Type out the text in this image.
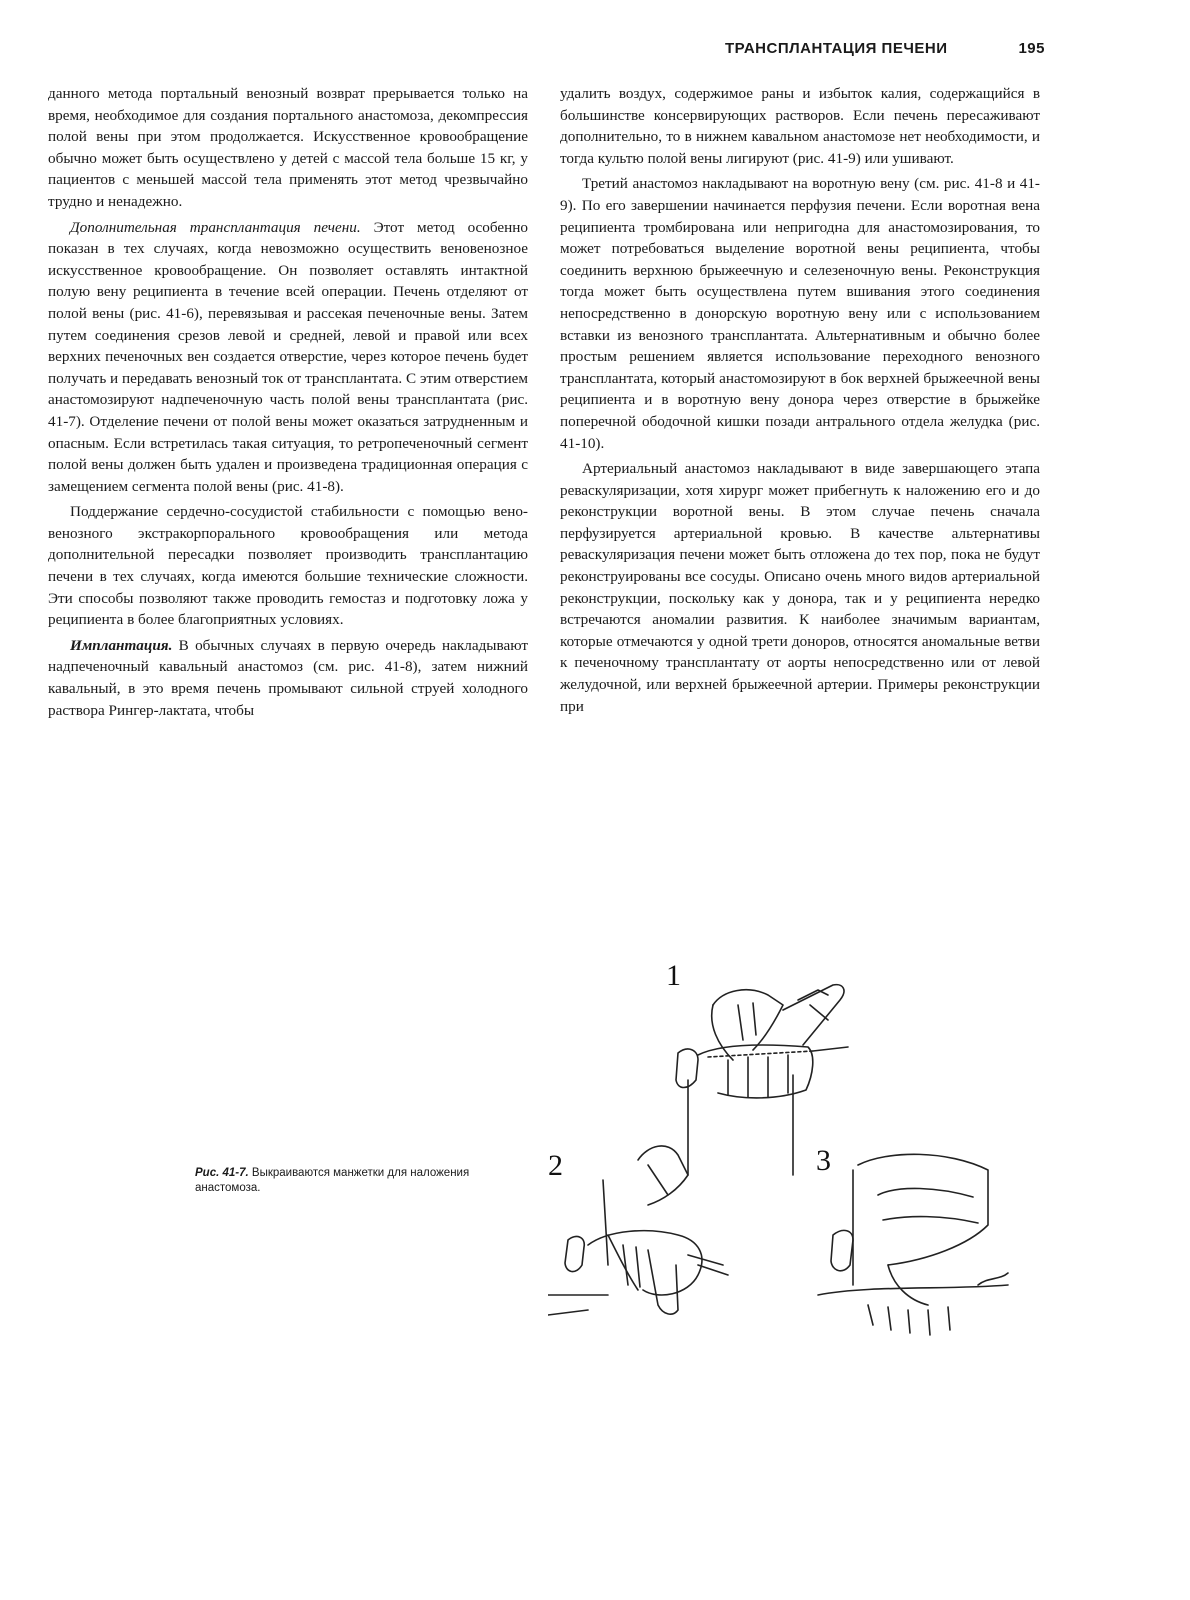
ТРАНСПЛАНТАЦИЯ ПЕЧЕНИ	195

данного метода портальный венозный возврат прерывается только на время, необходимое для создания портального анастомоза, декомпрессия полой вены при этом продолжается. Искусственное кровообращение обычно может быть осуществлено у детей с массой тела больше 15 кг, у пациентов с меньшей массой тела применять этот метод чрезвычайно трудно и ненадежно.

Дополнительная трансплантация печени. Этот метод особенно показан в тех случаях, когда невозможно осуществить веновенозное искусственное кровообращение. Он позволяет оставлять интактной полую вену реципиента в течение всей операции. Печень отделяют от полой вены (рис. 41-6), перевязывая и рассекая печеночные вены. Затем путем соединения срезов левой и средней, левой и правой или всех верхних печеночных вен создается отверстие, через которое печень будет получать и передавать венозный ток от трансплантата. С этим отверстием анастомозируют надпеченочную часть полой вены трансплантата (рис. 41-7). Отделение печени от полой вены может оказаться затрудненным и опасным. Если встретилась такая ситуация, то ретропеченочный сегмент полой вены должен быть удален и произведена традиционная операция с замещением сегмента полой вены (рис. 41-8).

Поддержание сердечно-сосудистой стабильности с помощью вено-венозного экстракорпорального кровообращения или метода дополнительной пересадки позволяет производить трансплантацию печени в тех случаях, когда имеются большие технические сложности. Эти способы позволяют также проводить гемостаз и подготовку ложа у реципиента в более благоприятных условиях.

Имплантация. В обычных случаях в первую очередь накладывают надпеченочный кавальный анастомоз (см. рис. 41-8), затем нижний кавальный, в это время печень промывают сильной струей холодного раствора Рингер-лактата, чтобы

удалить воздух, содержимое раны и избыток калия, содержащийся в большинстве консервирующих растворов. Если печень пересаживают дополнительно, то в нижнем кавальном анастомозе нет необходимости, и тогда культю полой вены лигируют (рис. 41-9) или ушивают.

Третий анастомоз накладывают на воротную вену (см. рис. 41-8 и 41-9). По его завершении начинается перфузия печени. Если воротная вена реципиента тромбирована или непригодна для анастомозирования, то может потребоваться выделение воротной вены реципиента, чтобы соединить верхнюю брыжеечную и селезеночную вены. Реконструкция тогда может быть осуществлена путем вшивания этого соединения непосредственно в донорскую воротную вену или с использованием вставки из венозного трансплантата. Альтернативным и обычно более простым решением является использование переходного венозного трансплантата, который анастомозируют в бок верхней брыжеечной вены реципиента и в воротную вену донора через отверстие в брыжейке поперечной ободочной кишки позади антрального отдела желудка (рис. 41-10).

Артериальный анастомоз накладывают в виде завершающего этапа реваскуляризации, хотя хирург может прибегнуть к наложению его и до реконструкции воротной вены. В этом случае печень сначала перфузируется артериальной кровью. В качестве альтернативы реваскуляризация печени может быть отложена до тех пор, пока не будут реконструированы все сосуды. Описано очень много видов артериальной реконструкции, поскольку как у донора, так и у реципиента нередко встречаются аномалии развития. К наиболее значимым вариантам, которые отмечаются у одной трети доноров, относятся аномальные ветви к печеночному трансплантату от аорты непосредственно или от левой желудочной, или верхней брыжеечной артерии. Примеры реконструкции при

Рис. 41-7. Выкраиваются манжетки для наложения анастомоза.
1
2	3
